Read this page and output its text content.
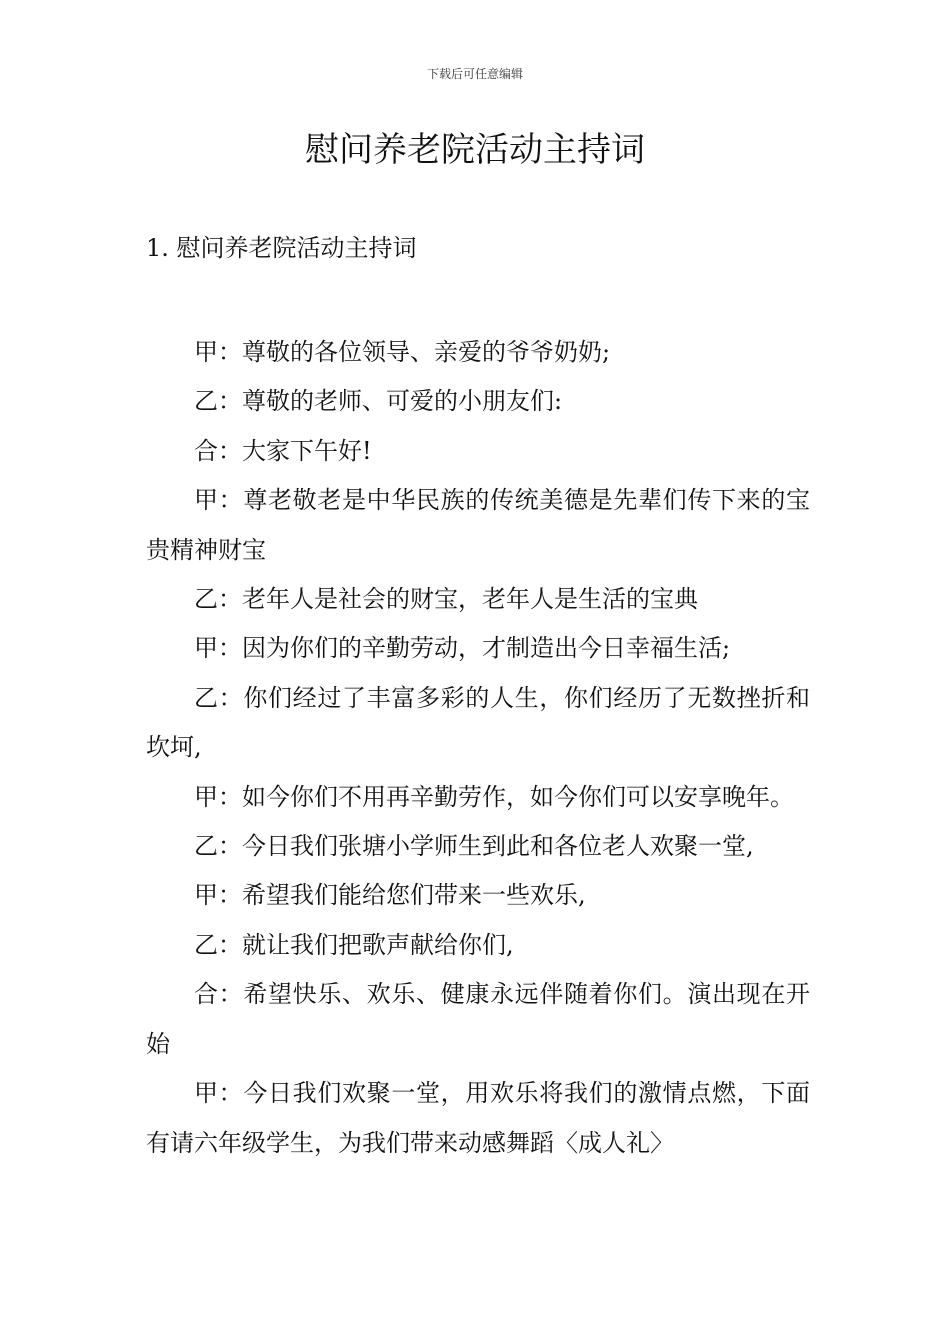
下载后可任意编辑
慰问养老院活动主持词
1. 慰问养老院活动主持词

甲：尊敬的各位领导、亲爱的爷爷奶奶;

乙：尊敬的老师、可爱的小朋友们:

合：大家下午好!

甲：尊老敬老是中华民族的传统美德是先辈们传下来的宝贵精神财宝

乙：老年人是社会的财宝，老年人是生活的宝典

甲：因为你们的辛勤劳动，才制造出今日幸福生活;

乙：你们经过了丰富多彩的人生，你们经历了无数挫折和坎坷,

甲：如今你们不用再辛勤劳作，如今你们可以安享晚年。

乙：今日我们张塘小学师生到此和各位老人欢聚一堂,

甲：希望我们能给您们带来一些欢乐,

乙：就让我们把歌声献给你们,

合：希望快乐、欢乐、健康永远伴随着你们。演出现在开始

甲：今日我们欢聚一堂，用欢乐将我们的激情点燃，下面有请六年级学生，为我们带来动感舞蹈〈成人礼〉
